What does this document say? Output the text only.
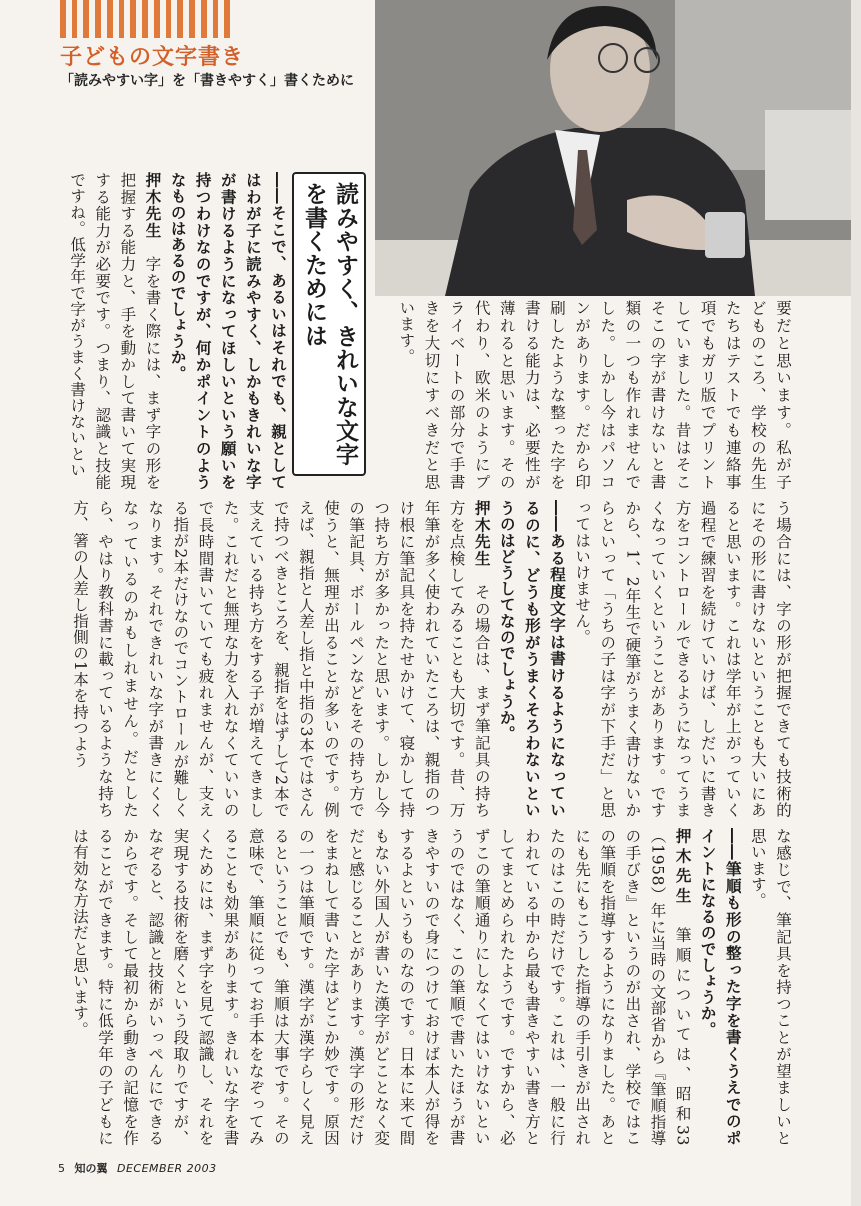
子どもの文字書き
「読みやすい字」を「書きやすく」書くために
読みやすく、きれいな文字を書くためには

――そこで、あるいはそれでも、親としてはわが子に読みやすく、しかもきれいな字が書けるようになってほしいという願いを持つわけなのですが、何かポイントのようなものはあるのでしょうか。

押木先生　字を書く際には、まず字の形を把握する能力と、手を動かして書いて実現する能力が必要です。つまり、認識と技能ですね。低学年で字がうまく書けないとい	要だと思います。私が子どものころ、学校の先生たちはテストでも連絡事項でもガリ版でプリントしていました。昔はそこそこの字が書けないと書類の一つも作れませんでした。しかし今はパソコンがあります。だから印刷したような整った字を書ける能力は、必要性が薄れると思います。その代わり、欧米のようにプライベートの部分で手書きを大切にすべきだと思います。

う場合には、字の形が把握できても技術的にその形に書けないということも大いにあると思います。これは学年が上がっていく過程で練習を続けていけば、しだいに書き方をコントロールできるようになってうまくなっていくということがあります。ですから、1、2年生で硬筆がうまく書けないからといって「うちの子は字が下手だ」と思ってはいけません。

――ある程度文字は書けるようになっているのに、どうも形がうまくそろわないというのはどうしてなのでしょうか。

押木先生　その場合は、まず筆記具の持ち方を点検してみることも大切です。昔、万年筆が多く使われていたころは、親指のつけ根に筆記具を持たせかけて、寝かして持つ持ち方が多かったと思います。しかし今の筆記具、ボールペンなどをその持ち方で使うと、無理が出ることが多いのです。例えば、親指と人差し指と中指の3本ではさんで持つべきところを、親指をはずして2本で支えている持ち方をする子が増えてきました。これだと無理な力を入れなくていいので長時間書いていても疲れませんが、支える指が2本だけなのでコントロールが難しくなります。それできれいな字が書きにくくなっているのかもしれません。だとしたら、やはり教科書に載っているような持ち方、箸の人差し指側の1本を持つよう

な感じで、筆記具を持つことが望ましいと思います。

――筆順も形の整った字を書くうえでのポイントになるのでしょうか。

押木先生　筆順については、昭和33（1958）年に当時の文部省から『筆順指導の手びき』というのが出され、学校ではこの筆順を指導するようになりました。あとにも先にもこうした指導の手引きが出されたのはこの時だけです。これは、一般に行われている中から最も書きやすい書き方としてまとめられたようです。ですから、必ずこの筆順通りにしなくてはいけないというのではなく、この筆順で書いたほうが書きやすいので身につけておけば本人が得をするよというものなのです。日本に来て間もない外国人が書いた漢字がどことなく変だと感じることがあります。漢字の形だけをまねして書いた字はどこか妙です。原因の一つは筆順です。漢字が漢字らしく見えるということでも、筆順は大事です。その意味で、筆順に従ってお手本をなぞってみることも効果があります。きれいな字を書くためには、まず字を見て認識し、それを実現する技術を磨くという段取りですが、なぞると、認識と技術がいっぺんにできるからです。そして最初から動きの記憶を作ることができます。特に低学年の子どもには有効な方法だと思います。

5 知の翼 DECEMBER 2003
